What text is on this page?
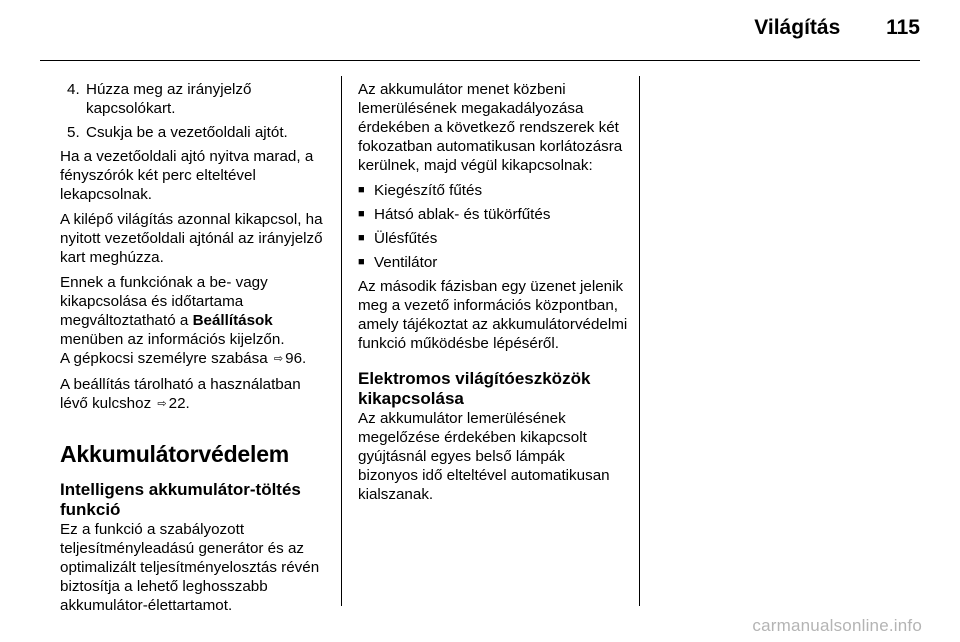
Világítás 115
4. Húzza meg az irányjelző kapcsolókart.
5. Csukja be a vezetőoldali ajtót.

Ha a vezetőoldali ajtó nyitva marad, a fényszórók két perc elteltével lekapcsolnak.

A kilépő világítás azonnal kikapcsol, ha nyitott vezetőoldali ajtónál az irányjelző kart meghúzza.

Ennek a funkciónak a be- vagy kikapcsolása és időtartama megváltoztatható a Beállítások menüben az információs kijelzőn.
A gépkocsi személyre szabása ⇨ 96.

A beállítás tárolható a használatban lévő kulcshoz ⇨ 22.

Akkumulátorvédelem
Intelligens akkumulátor-töltés funkció

Ez a funkció a szabályozott teljesítményleadású generátor és az optimalizált teljesítményelosztás révén biztosítja a lehető leghosszabb akkumulátor-élettartamot.

Az akkumulátor menet közbeni lemerülésének megakadályozása érdekében a következő rendszerek két fokozatban automatikusan korlátozásra kerülnek, majd végül kikapcsolnak:

■ Kiegészítő fűtés
■ Hátsó ablak- és tükörfűtés
■ Ülésfűtés
■ Ventilátor

Az második fázisban egy üzenet jelenik meg a vezető információs központban, amely tájékoztat az akkumulátorvédelmi funkció működésbe lépéséről.

Elektromos világítóeszközök kikapcsolása

Az akkumulátor lemerülésének megelőzése érdekében kikapcsolt gyújtásnál egyes belső lámpák bizonyos idő elteltével automatikusan kialszanak.

carmanualsonline.info
